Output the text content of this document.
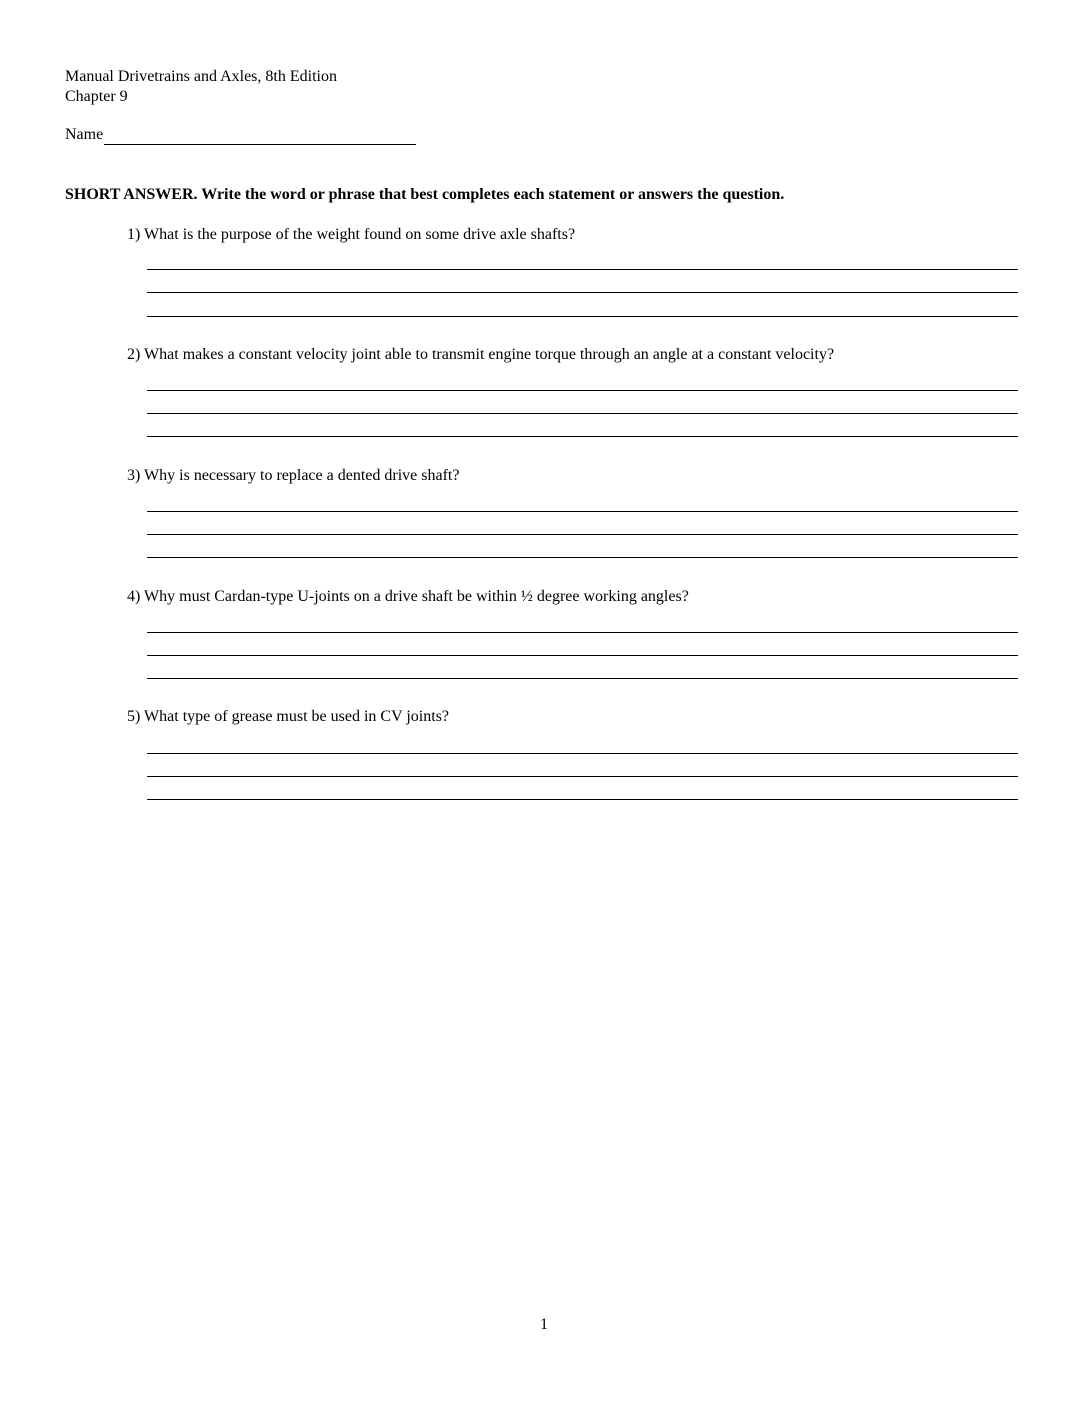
Manual Drivetrains and Axles, 8th Edition
Chapter 9
Name
SHORT ANSWER. Write the word or phrase that best completes each statement or answers the question.
1) What is the purpose of the weight found on some drive axle shafts?
2) What makes a constant velocity joint able to transmit engine torque through an angle at a constant velocity?
3) Why is necessary to replace a dented drive shaft?
4) Why must Cardan-type U-joints on a drive shaft be within ½ degree working angles?
5) What type of grease must be used in CV joints?
1
